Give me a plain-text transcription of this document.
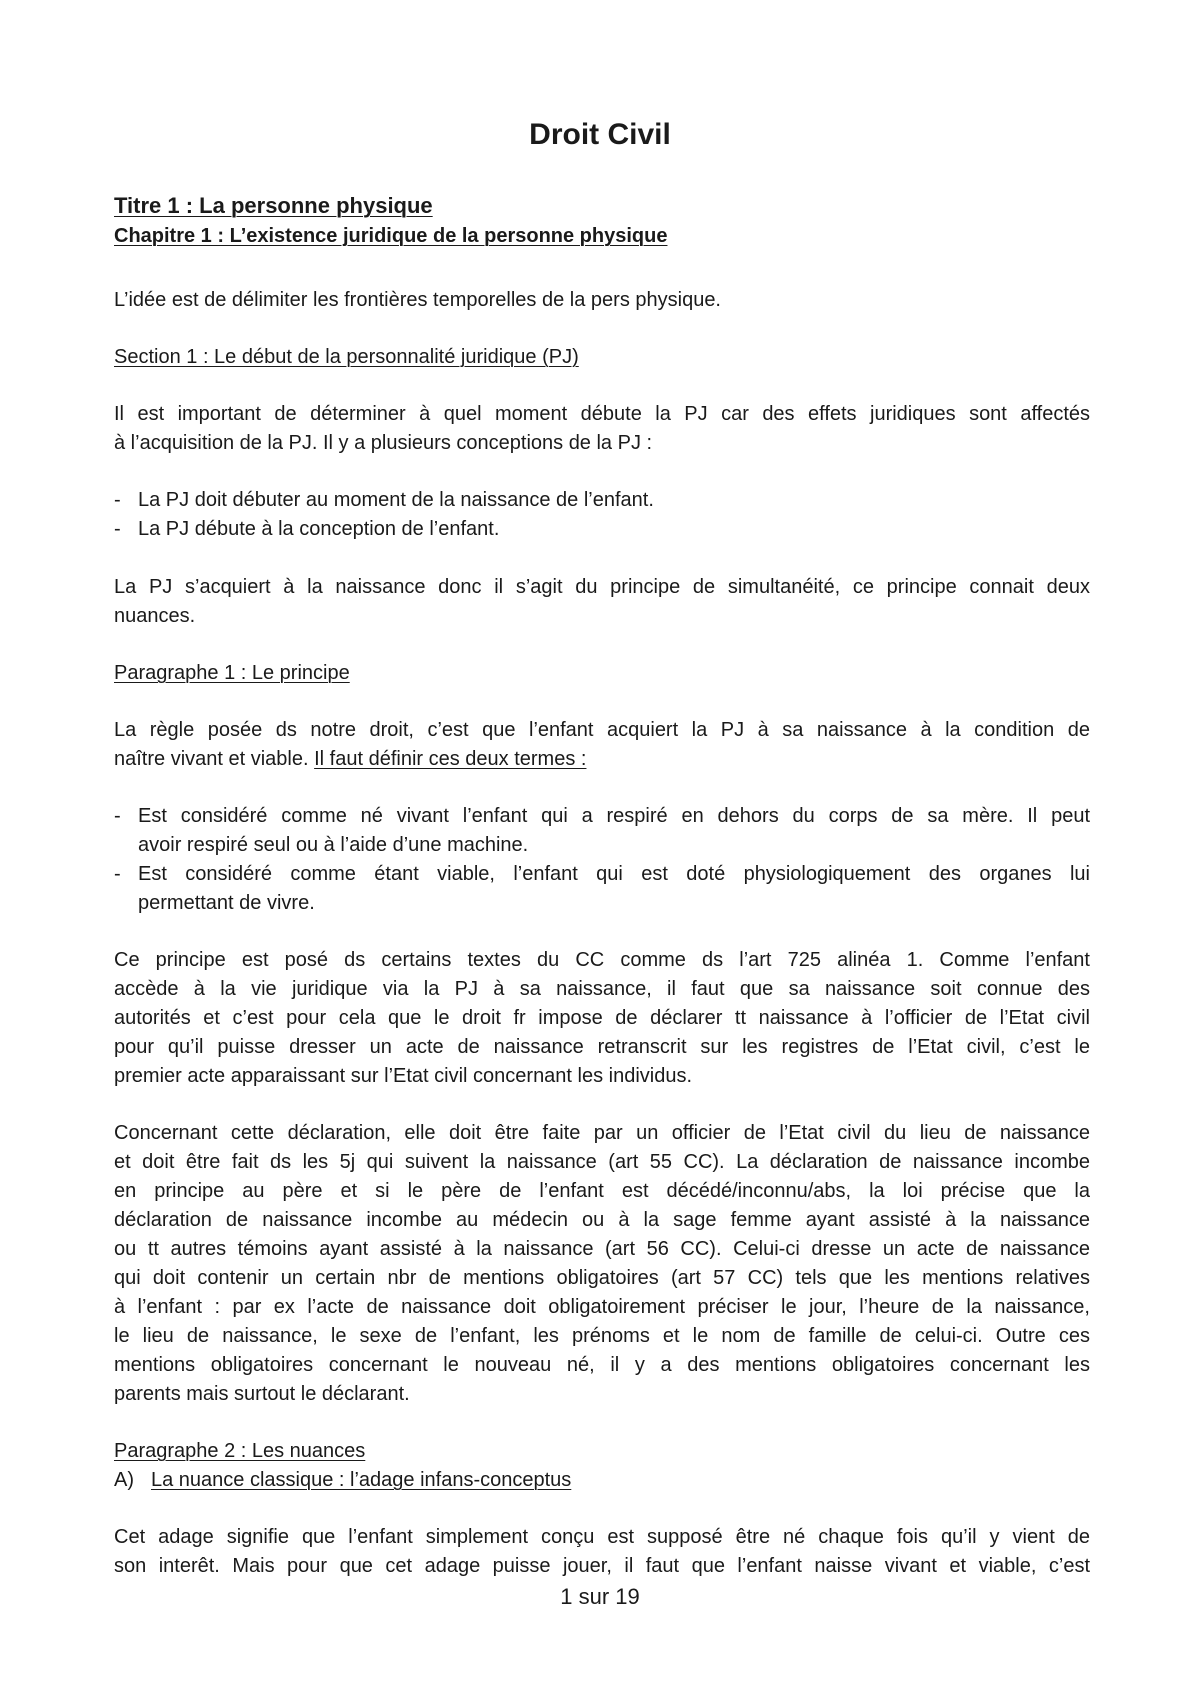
Droit Civil
Titre 1 : La personne physique
Chapitre 1 : L’existence juridique de la personne physique
L’idée est de délimiter les frontières temporelles de la pers physique.
Section 1 : Le début de la personnalité juridique (PJ)
Il est important de déterminer à quel moment débute la PJ car des effets juridiques sont affectés
à l’acquisition de la PJ. Il y a plusieurs conceptions de la PJ :
- La PJ doit débuter au moment de la naissance de l’enfant.
- La PJ débute à la conception de l’enfant.
La PJ s’acquiert à la naissance donc il s’agit du principe de simultanéité, ce principe connait deux
nuances.
Paragraphe 1 : Le principe
La règle posée ds notre droit, c’est que l’enfant acquiert la PJ à sa naissance à la condition de
naître vivant et viable. Il faut définir ces deux termes :
- Est considéré comme né vivant l’enfant qui a respiré en dehors du corps de sa mère. Il peut
avoir respiré seul ou à l’aide d’une machine.
- Est considéré comme étant viable, l’enfant qui est doté physiologiquement des organes lui
permettant de vivre.
Ce principe est posé ds certains textes du CC comme ds l’art 725 alinéa 1. Comme l’enfant
accède à la vie juridique via la PJ à sa naissance, il faut que sa naissance soit connue des
autorités et c’est pour cela que le droit fr impose de déclarer tt naissance à l’officier de l’Etat civil
pour qu’il puisse dresser un acte de naissance retranscrit sur les registres de l’Etat civil, c’est le
premier acte apparaissant sur l’Etat civil concernant les individus.
Concernant cette déclaration, elle doit être faite par un officier de l’Etat civil du lieu de naissance
et doit être fait ds les 5j qui suivent la naissance (art 55 CC). La déclaration de naissance incombe
en principe au père et si le père de l’enfant est décédé/inconnu/abs, la loi précise que la
déclaration de naissance incombe au médecin ou à la sage femme ayant assisté à la naissance
ou tt autres témoins ayant assisté à la naissance (art 56 CC). Celui-ci dresse un acte de naissance
qui doit contenir un certain nbr de mentions obligatoires (art 57 CC) tels que les mentions relatives
à l’enfant : par ex l’acte de naissance doit obligatoirement préciser le jour, l’heure de la naissance,
le lieu de naissance, le sexe de l’enfant, les prénoms et le nom de famille de celui-ci. Outre ces
mentions obligatoires concernant le nouveau né, il y a des mentions obligatoires concernant les
parents mais surtout le déclarant.
Paragraphe 2 : Les nuances
A) La nuance classique : l’adage infans-conceptus
Cet adage signifie que l’enfant simplement conçu est supposé être né chaque fois qu’il y vient de
son interêt. Mais pour que cet adage puisse jouer, il faut que l’enfant naisse vivant et viable, c’est
1 sur 19
